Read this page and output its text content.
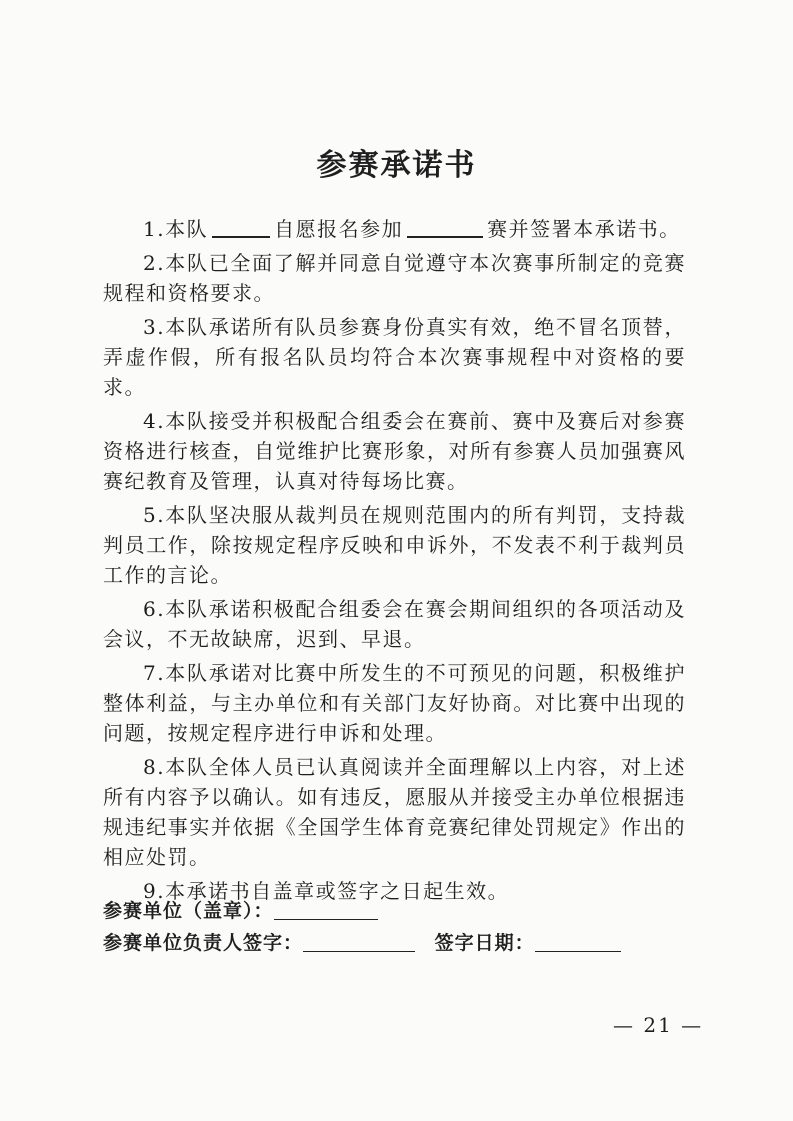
参赛承诺书

1.本队	自愿报名参加	赛并签署本承诺书。

2.本队已全面了解并同意自觉遵守本次赛事所制定的竞赛规程和资格要求。

3.本队承诺所有队员参赛身份真实有效，绝不冒名顶替，弄虚作假，所有报名队员均符合本次赛事规程中对资格的要求。

4.本队接受并积极配合组委会在赛前、赛中及赛后对参赛资格进行核查，自觉维护比赛形象，对所有参赛人员加强赛风赛纪教育及管理，认真对待每场比赛。

5.本队坚决服从裁判员在规则范围内的所有判罚，支持裁判员工作，除按规定程序反映和申诉外，不发表不利于裁判员工作的言论。

6.本队承诺积极配合组委会在赛会期间组织的各项活动及会议，不无故缺席，迟到、早退。

7.本队承诺对比赛中所发生的不可预见的问题，积极维护整体利益，与主办单位和有关部门友好协商。对比赛中出现的问题，按规定程序进行申诉和处理。

8.本队全体人员已认真阅读并全面理解以上内容，对上述所有内容予以确认。如有违反，愿服从并接受主办单位根据违规违纪事实并依据《全国学生体育竞赛纪律处罚规定》作出的相应处罚。

9.本承诺书自盖章或签字之日起生效。

参赛单位（盖章）：
参赛单位负责人签字：	签字日期：
— 21 —
